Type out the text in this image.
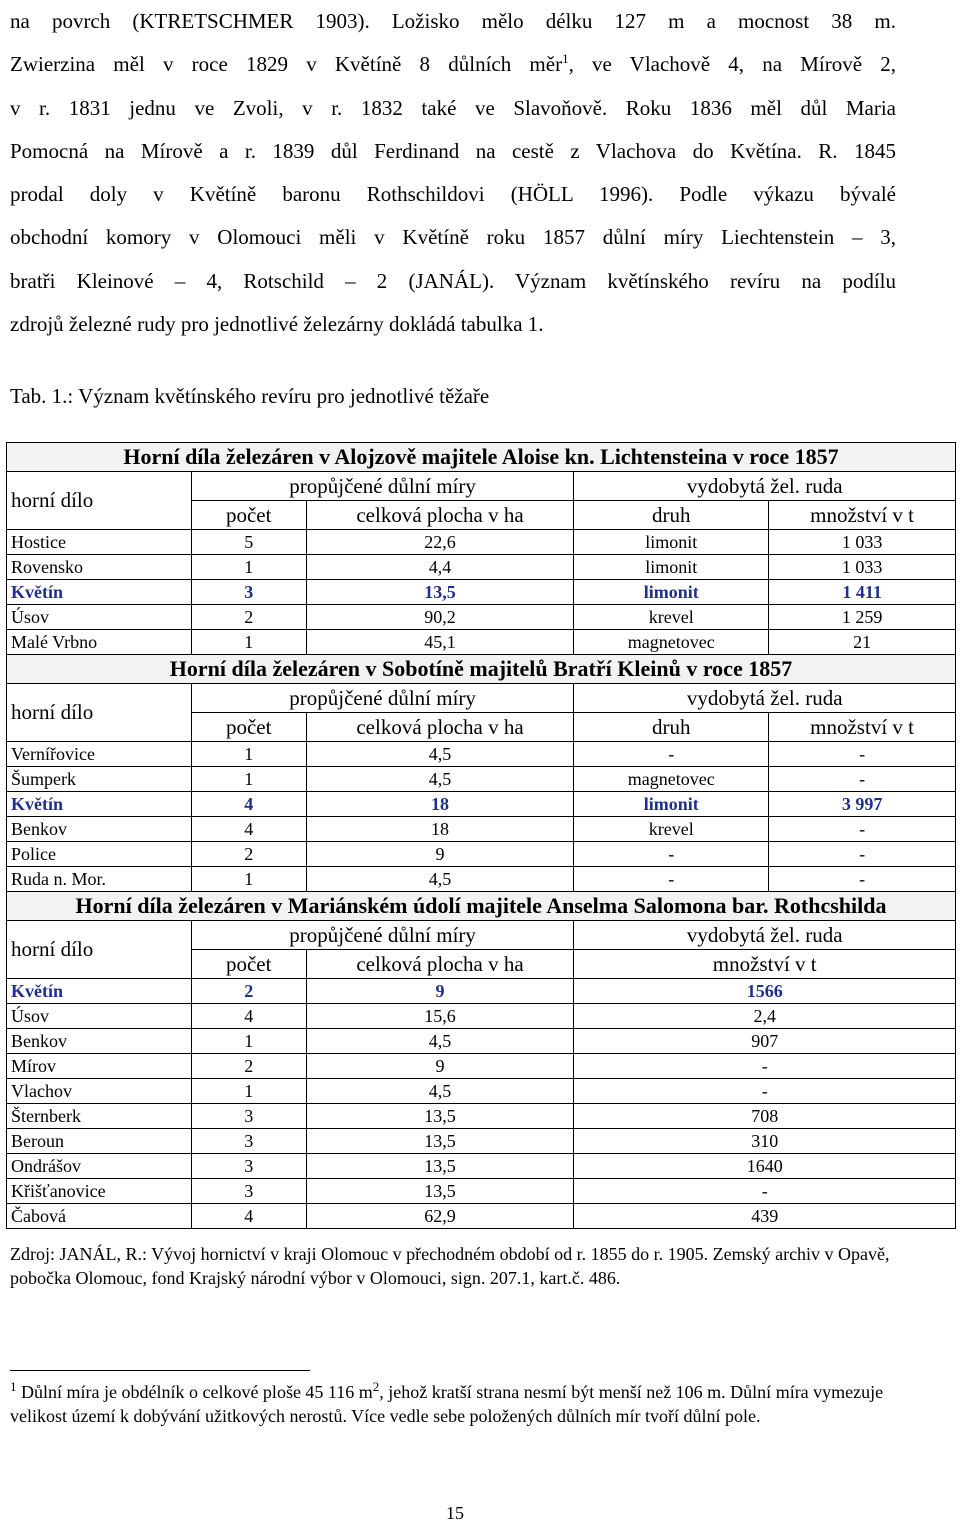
na povrch (KTRETSCHMER 1903). Ložisko mělo délku 127 m a mocnost 38 m.
Zwierzina měl v roce 1829 v Květíně 8 důlních měr$^1$, ve Vlachově 4, na Mírově 2,
v r. 1831 jednu ve Zvoli, v r. 1832 také ve Slavoňově. Roku 1836 měl důl Maria
Pomocná na Mírově a r. 1839 důl Ferdinand na cestě z Vlachova do Květína. R. 1845
prodal doly v Květíně baronu Rothschildovi (HÖLL 1996). Podle výkazu bývalé
obchodní komory v Olomouci měli v Květíně roku 1857 důlní míry Liechtenstein – 3,
bratři Kleinové – 4, Rotschild – 2 (JANÁL). Význam květínského revíru na podílu
zdrojů železné rudy pro jednotlivé železárny dokládá tabulka 1.
Tab. 1.: Význam květínského revíru pro jednotlivé těžaře
Horní díla železáren v Alojzově majitele Aloise kn. Lichtensteina v roce 1857				
horní dílo	propůjčené důlní míry		vydobytá žel. ruda	
	počet	celková plocha v ha	druh	množství v t
Hostice	5	22,6	limonit	1 033
Rovensko	1	4,4	limonit	1 033
Květín	3	13,5	limonit	1 411
Úsov	2	90,2	krevel	1 259
Malé Vrbno	1	45,1	magnetovec	21
Horní díla železáren v Sobotíně majitelů Bratří Kleinů v roce 1857				
horní dílo	propůjčené důlní míry		vydobytá žel. ruda	
	počet	celková plocha v ha	druh	množství v t
Vernířovice	1	4,5	-	-
Šumperk	1	4,5	magnetovec	-
Květín	4	18	limonit	3 997
Benkov	4	18	krevel	-
Police	2	9	-	-
Ruda n. Mor.	1	4,5	-	-
Horní díla železáren v Mariánském údolí majitele Anselma Salomona bar. Rothcshilda				
horní dílo	propůjčené důlní míry		vydobytá žel. ruda	
	počet	celková plocha v ha	množství v t	
Květín	2	9	1566	
Úsov	4	15,6	2,4	
Benkov	1	4,5	907	
Mírov	2	9	-	
Vlachov	1	4,5	-	
Šternberk	3	13,5	708	
Beroun	3	13,5	310	
Ondrášov	3	13,5	1640	
Křišťanovice	3	13,5	-	
Čabová	4	62,9	439	

Zdroj: JANÁL, R.: Vývoj hornictví v kraji Olomouc v přechodném období od r. 1855 do r. 1905. Zemský archiv v Opavě, pobočka Olomouc, fond Krajský národní výbor v Olomouci, sign. 207.1, kart.č. 486.

$^1$ Důlní míra je obdélník o celkové ploše 45 116 $m^2$, jehož kratší strana nesmí být menší než 106 m. Důlní míra vymezuje velikost území k dobývání užitkových nerostů. Více vedle sebe položených důlních mír tvoří důlní pole.

15
